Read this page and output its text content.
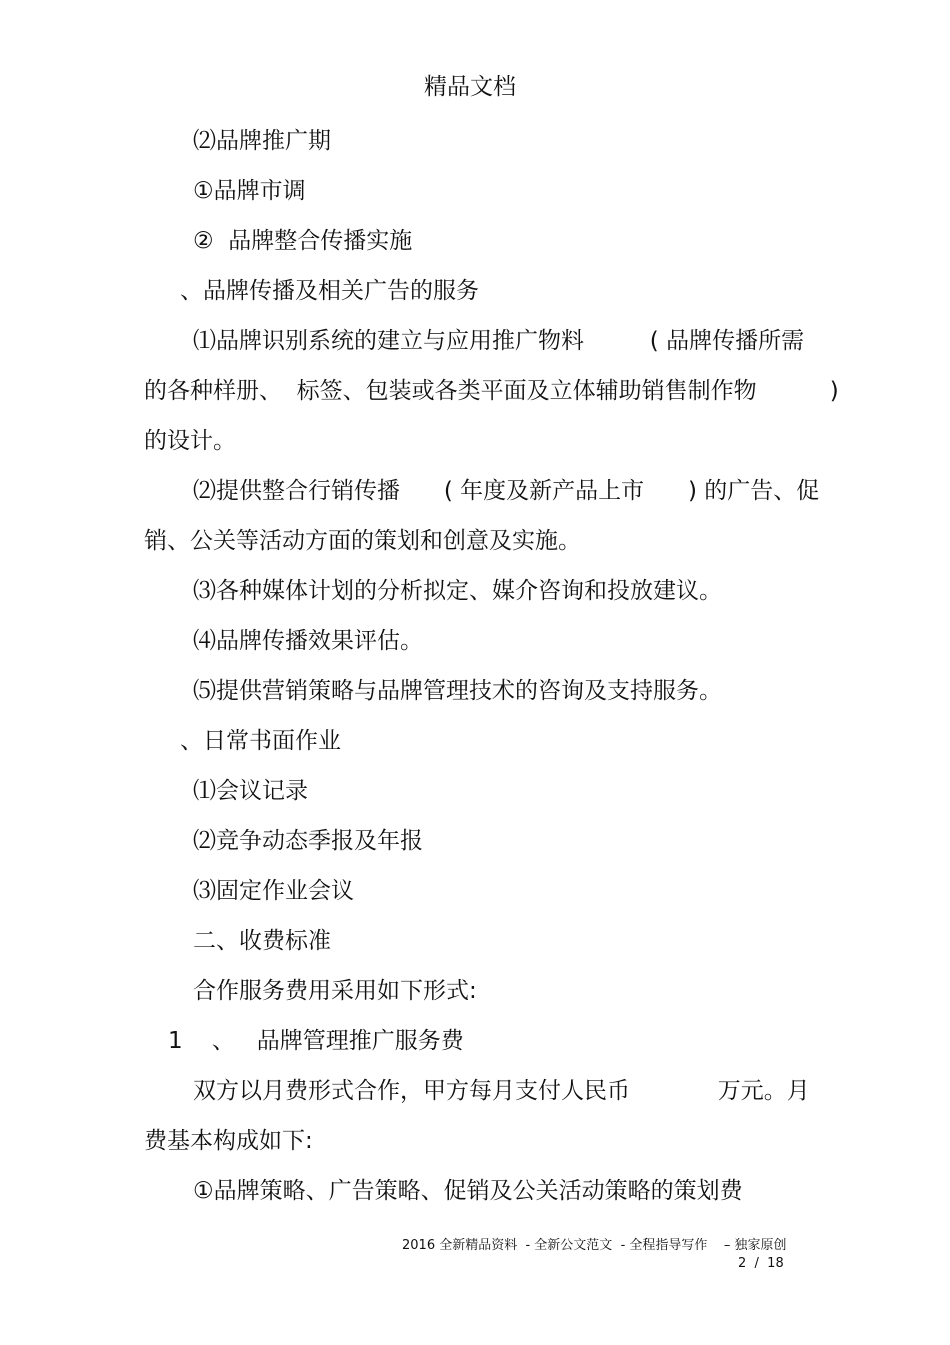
精品文档
⑵品牌推广期
①品牌市调
②  品牌整合传播实施
、品牌传播及相关广告的服务
⑴品牌识别系统的建立与应用推广物料         ( 品牌传播所需
的各种样册、  标签、包装或各类平面及立体辅助销售制作物          )
的设计。
⑵提供整合行销传播      ( 年度及新产品上市      ) 的广告、促
销、公关等活动方面的策划和创意及实施。
⑶各种媒体计划的分析拟定、媒介咨询和投放建议。
⑷品牌传播效果评估。
⑸提供营销策略与品牌管理技术的咨询及支持服务。
、日常书面作业
⑴会议记录
⑵竞争动态季报及年报
⑶固定作业会议
二、收费标准
合作服务费用采用如下形式:
1    、   品牌管理推广服务费
双方以月费形式合作，甲方每月支付人民币            万元。月
费基本构成如下:
①品牌策略、广告策略、促销及公关活动策略的策划费
2016 全新精品资料  - 全新公文范文  - 全程指导写作    – 独家原创
2  /  18
